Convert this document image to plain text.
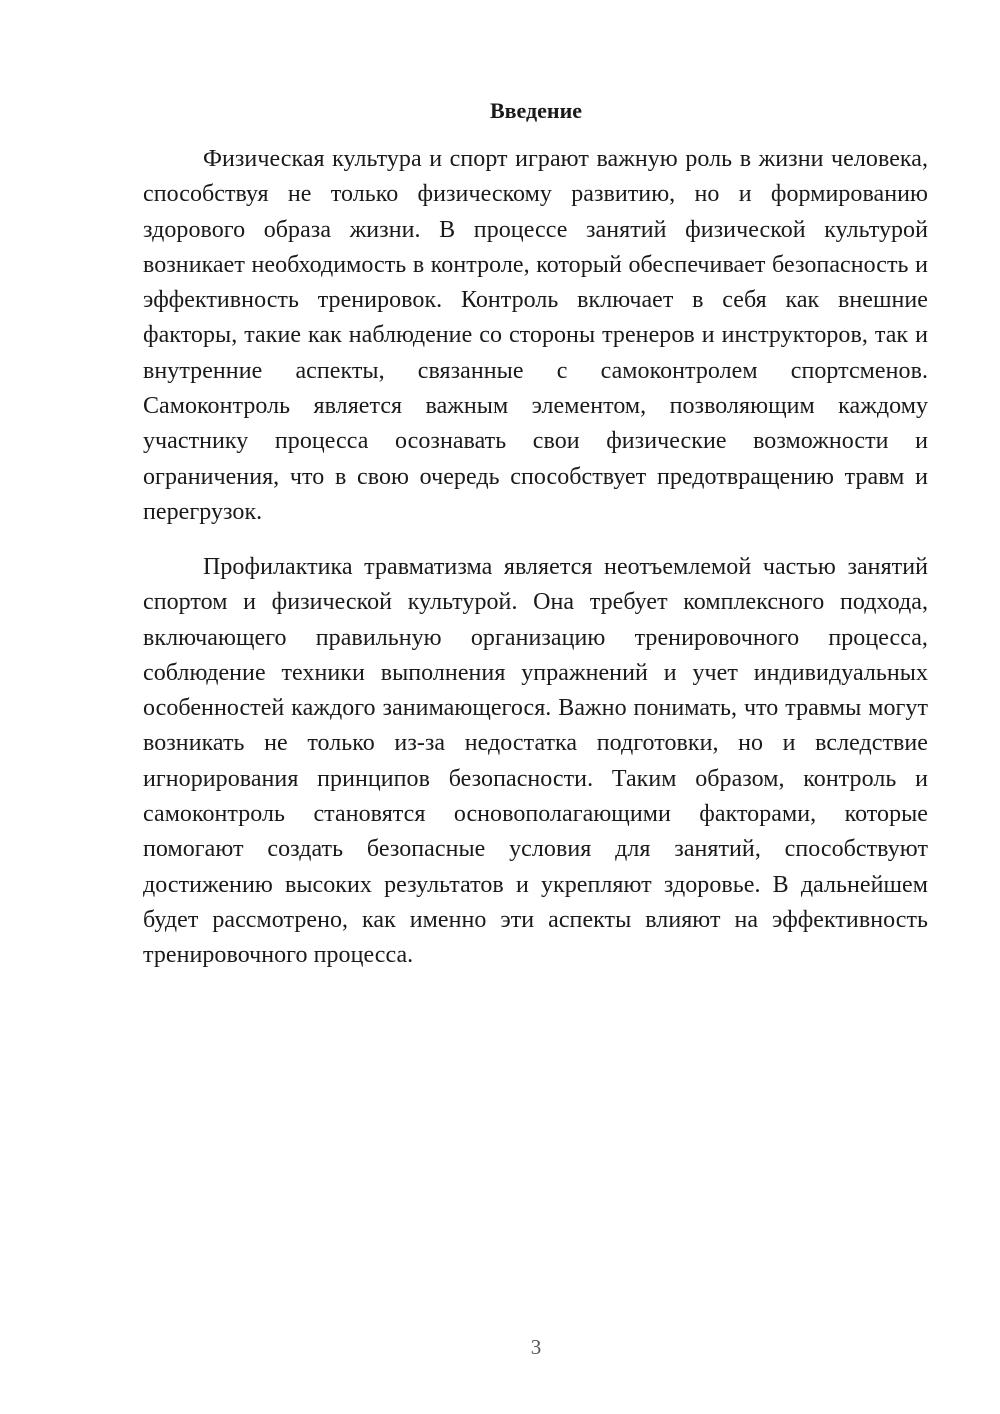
Введение

Физическая культура и спорт играют важную роль в жизни человека, способствуя не только физическому развитию, но и формированию здорового образа жизни. В процессе занятий физической культурой возникает необходимость в контроле, который обеспечивает безопасность и эффективность тренировок. Контроль включает в себя как внешние факторы, такие как наблюдение со стороны тренеров и инструкторов, так и внутренние аспекты, связанные с самоконтролем спортсменов. Самоконтроль является важным элементом, позволяющим каждому участнику процесса осознавать свои физические возможности и ограничения, что в свою очередь способствует предотвращению травм и перегрузок.

Профилактика травматизма является неотъемлемой частью занятий спортом и физической культурой. Она требует комплексного подхода, включающего правильную организацию тренировочного процесса, соблюдение техники выполнения упражнений и учет индивидуальных особенностей каждого занимающегося. Важно понимать, что травмы могут возникать не только из-за недостатка подготовки, но и вследствие игнорирования принципов безопасности. Таким образом, контроль и самоконтроль становятся основополагающими факторами, которые помогают создать безопасные условия для занятий, способствуют достижению высоких результатов и укрепляют здоровье. В дальнейшем будет рассмотрено, как именно эти аспекты влияют на эффективность тренировочного процесса.

3
